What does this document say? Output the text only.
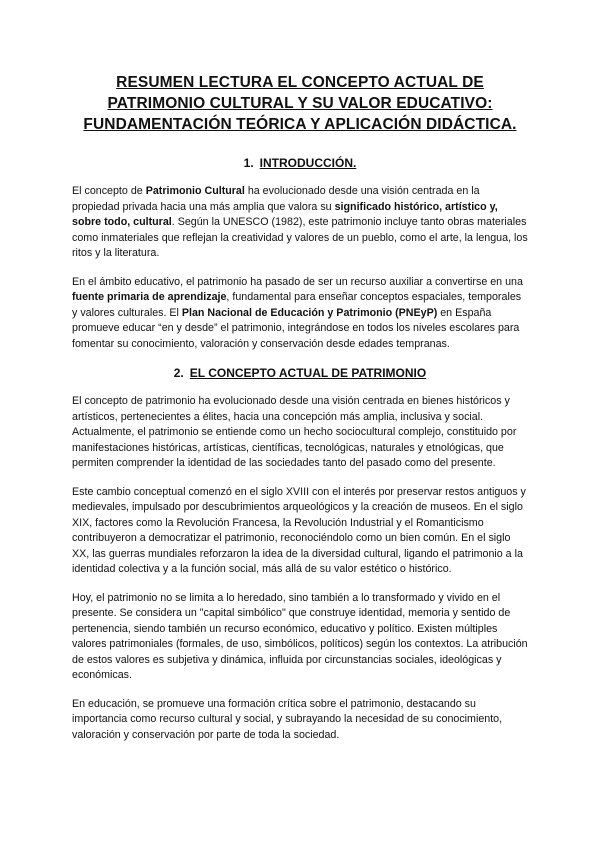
RESUMEN LECTURA EL CONCEPTO ACTUAL DE PATRIMONIO CULTURAL Y SU VALOR EDUCATIVO: FUNDAMENTACIÓN TEÓRICA Y APLICACIÓN DIDÁCTICA.
1. INTRODUCCIÓN.

El concepto de Patrimonio Cultural ha evolucionado desde una visión centrada en la propiedad privada hacia una más amplia que valora su significado histórico, artístico y, sobre todo, cultural. Según la UNESCO (1982), este patrimonio incluye tanto obras materiales como inmateriales que reflejan la creatividad y valores de un pueblo, como el arte, la lengua, los ritos y la literatura.

En el ámbito educativo, el patrimonio ha pasado de ser un recurso auxiliar a convertirse en una fuente primaria de aprendizaje, fundamental para enseñar conceptos espaciales, temporales y valores culturales. El Plan Nacional de Educación y Patrimonio (PNEyP) en España promueve educar “en y desde” el patrimonio, integrándose en todos los niveles escolares para fomentar su conocimiento, valoración y conservación desde edades tempranas.

2. EL CONCEPTO ACTUAL DE PATRIMONIO

El concepto de patrimonio ha evolucionado desde una visión centrada en bienes históricos y artísticos, pertenecientes a élites, hacia una concepción más amplia, inclusiva y social. Actualmente, el patrimonio se entiende como un hecho sociocultural complejo, constituido por manifestaciones históricas, artísticas, científicas, tecnológicas, naturales y etnológicas, que permiten comprender la identidad de las sociedades tanto del pasado como del presente.

Este cambio conceptual comenzó en el siglo XVIII con el interés por preservar restos antiguos y medievales, impulsado por descubrimientos arqueológicos y la creación de museos. En el siglo XIX, factores como la Revolución Francesa, la Revolución Industrial y el Romanticismo contribuyeron a democratizar el patrimonio, reconociéndolo como un bien común. En el siglo XX, las guerras mundiales reforzaron la idea de la diversidad cultural, ligando el patrimonio a la identidad colectiva y a la función social, más allá de su valor estético o histórico.

Hoy, el patrimonio no se limita a lo heredado, sino también a lo transformado y vivido en el presente. Se considera un "capital simbólico" que construye identidad, memoria y sentido de pertenencia, siendo también un recurso económico, educativo y político. Existen múltiples valores patrimoniales (formales, de uso, simbólicos, políticos) según los contextos. La atribución de estos valores es subjetiva y dinámica, influida por circunstancias sociales, ideológicas y económicas.

En educación, se promueve una formación crítica sobre el patrimonio, destacando su importancia como recurso cultural y social, y subrayando la necesidad de su conocimiento, valoración y conservación por parte de toda la sociedad.
